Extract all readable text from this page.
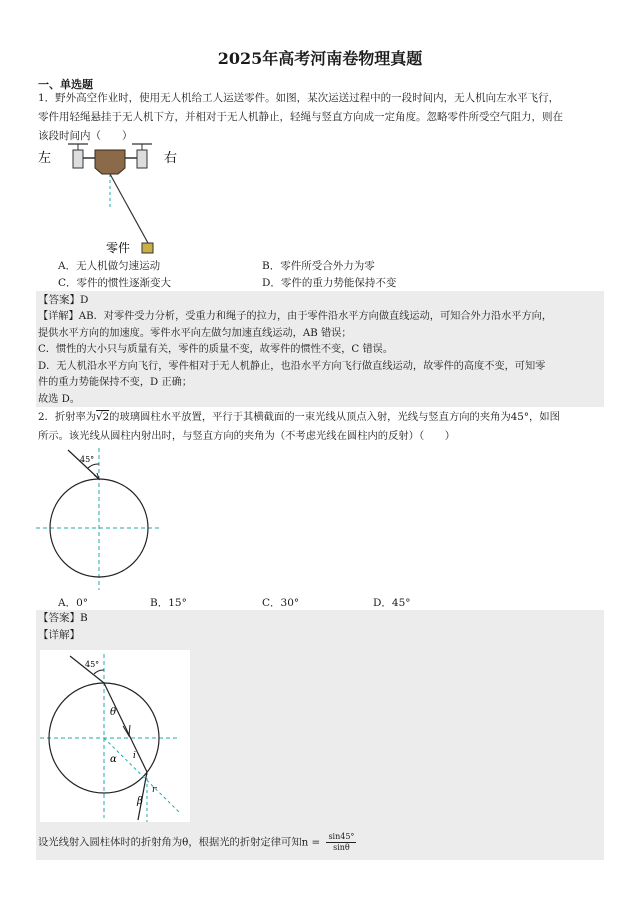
2025年高考河南卷物理真题
一、单选题
1．野外高空作业时，使用无人机给工人运送零件。如图，某次运送过程中的一段时间内，无人机向左水平飞行，
零件用轻绳悬挂于无人机下方，并相对于无人机静止，轻绳与竖直方向成一定角度。忽略零件所受空气阻力，则在
该段时间内（　　）
左	右
零件
A．无人机做匀速运动	B．零件所受合外力为零
C．零件的惯性逐渐变大	D．零件的重力势能保持不变
【答案】D
【详解】AB．对零件受力分析，受重力和绳子的拉力，由于零件沿水平方向做直线运动，可知合外力沿水平方向，
提供水平方向的加速度。零件水平向左做匀加速直线运动，AB 错误；
C．惯性的大小只与质量有关，零件的质量不变，故零件的惯性不变，C 错误。
D．无人机沿水平方向飞行，零件相对于无人机静止，也沿水平方向飞行做直线运动，故零件的高度不变，可知零
件的重力势能保持不变，D 正确；
故选 D。
2．折射率为√2的玻璃圆柱水平放置，平行于其横截面的一束光线从顶点入射，光线与竖直方向的夹角为45°，如图
所示。该光线从圆柱内射出时，与竖直方向的夹角为（不考虑光线在圆柱内的反射）（　　）
45°
A．0°	B．15°	C．30°	D．45°
【答案】B
【详解】
45°
θ
i
α
β
r
设光线射入圆柱体时的折射角为θ，根据光的折射定律可知$n = \frac{\sin 45^\circ}{\sin\theta}$
